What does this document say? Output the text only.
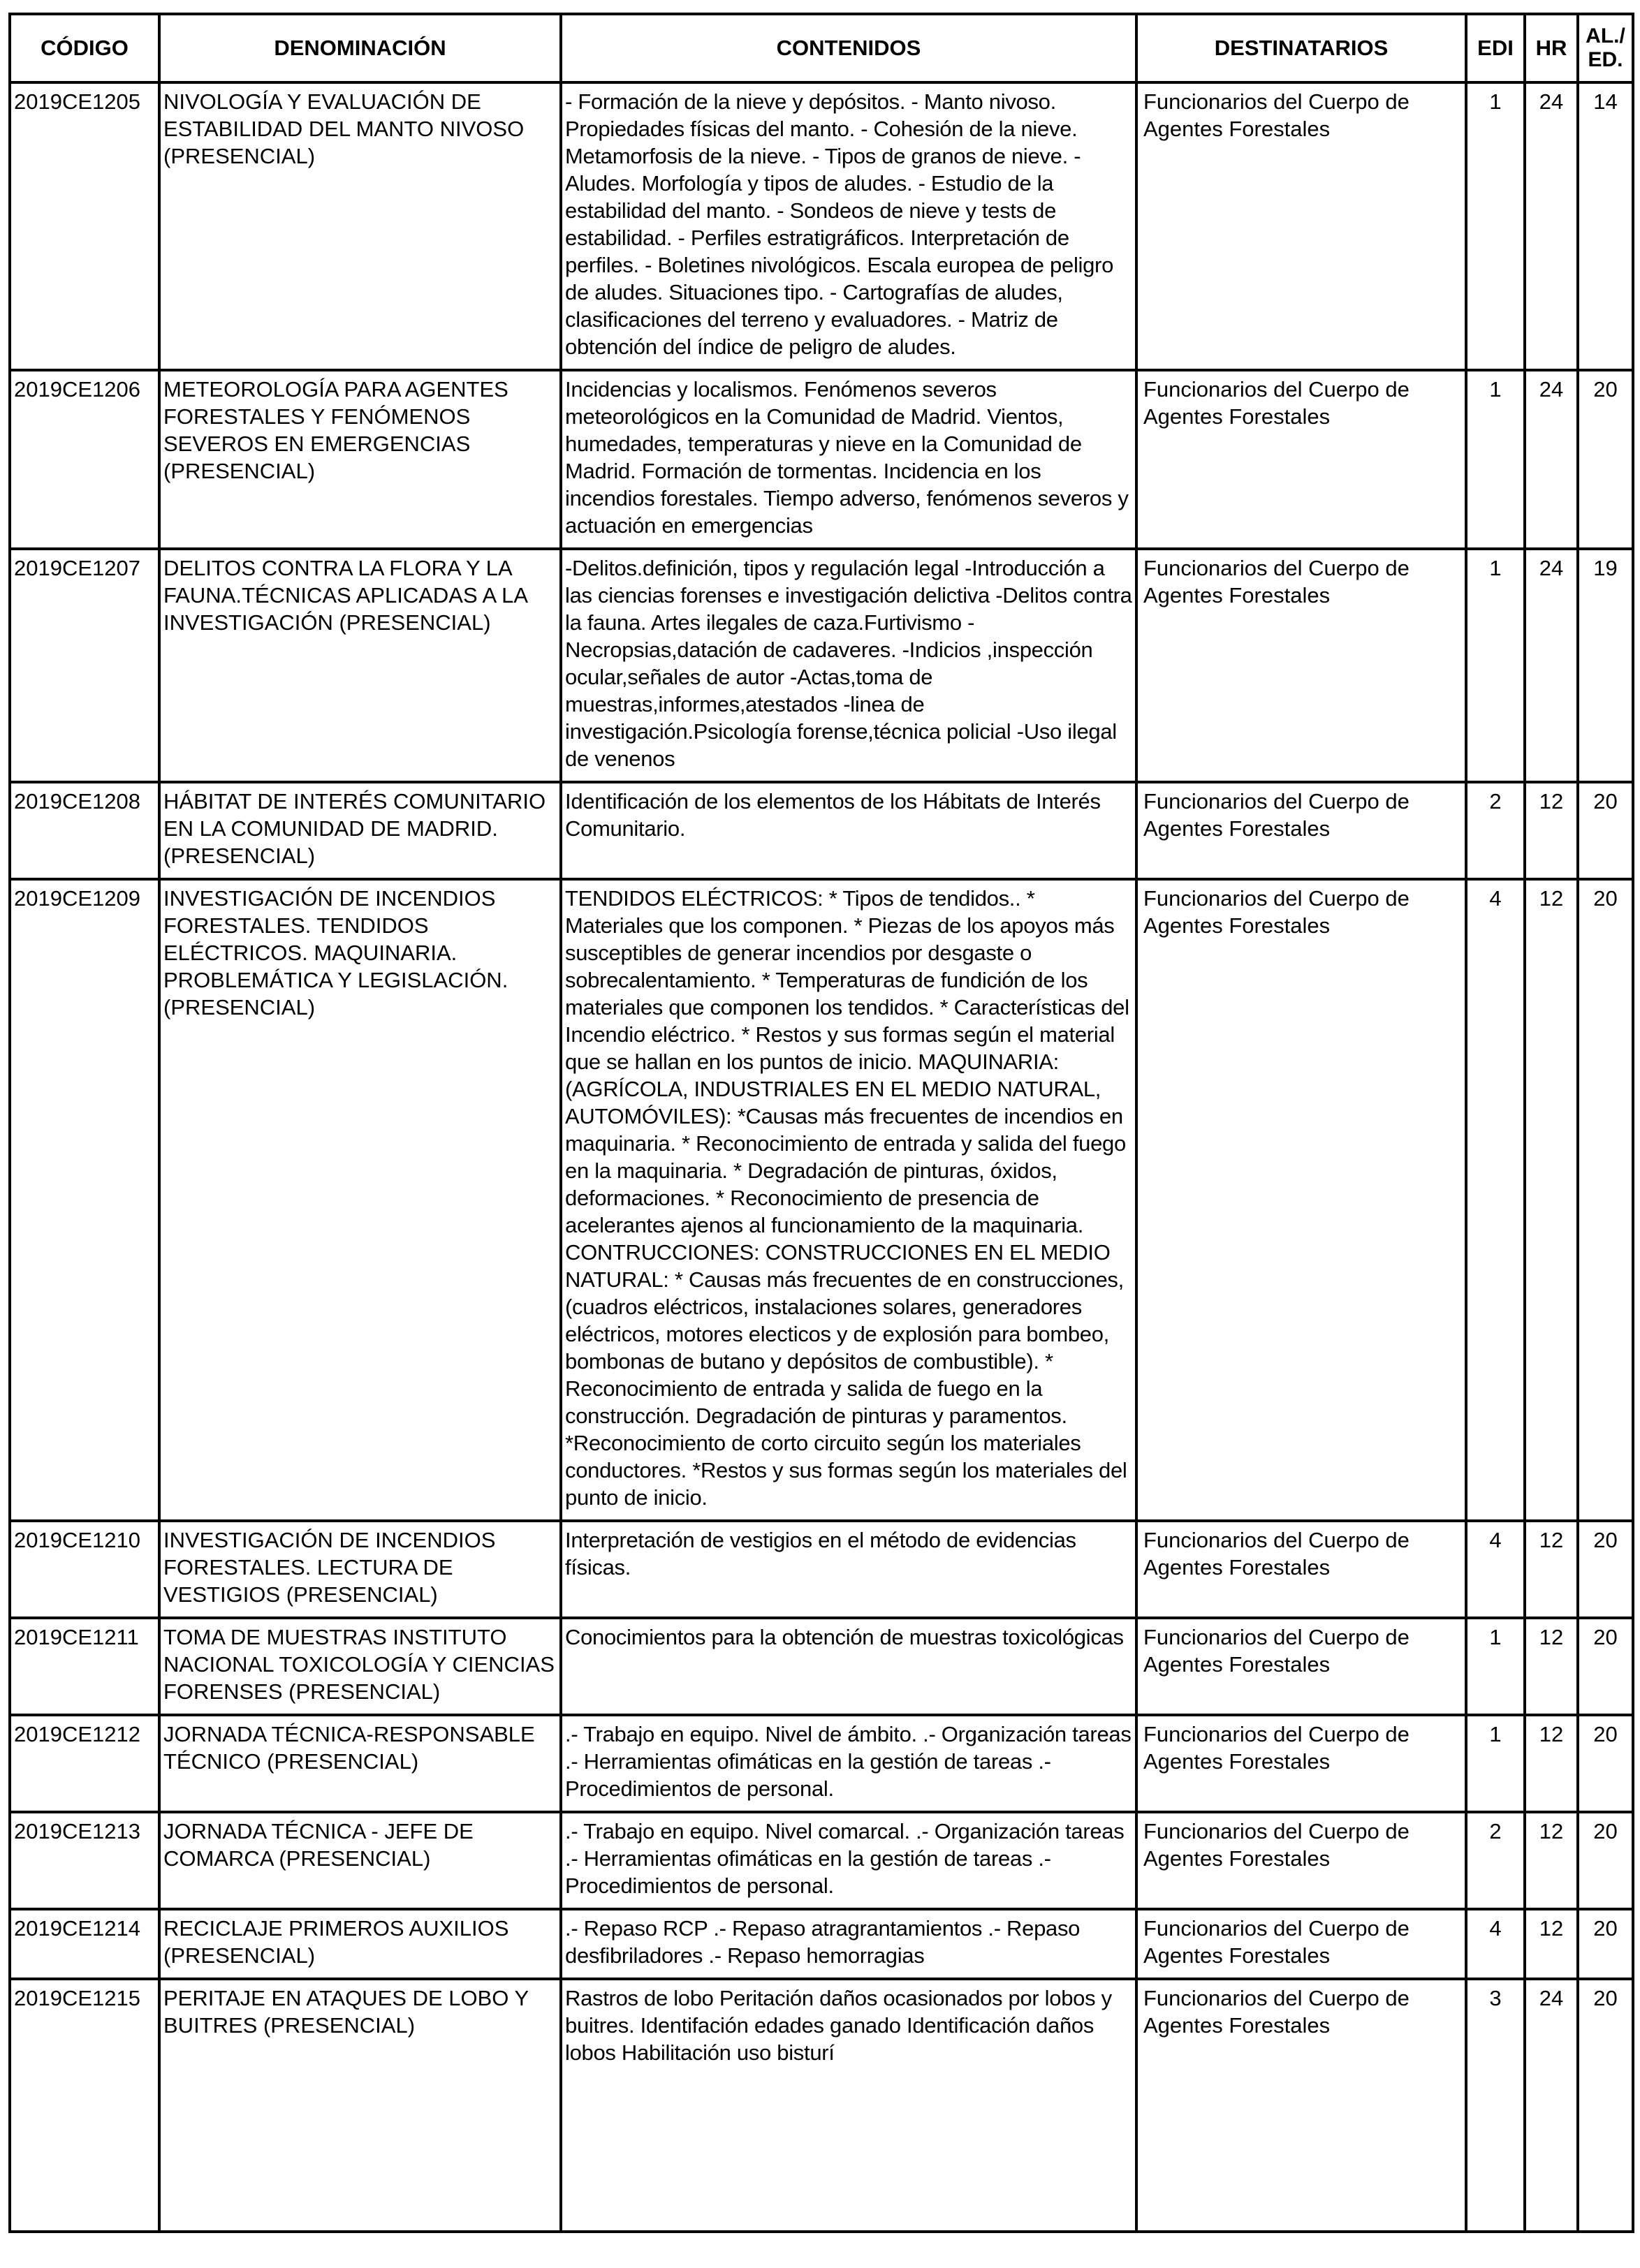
CÓDIGO	DENOMINACIÓN	CONTENIDOS	DESTINATARIOS	EDI	HR	AL./ ED.
2019CE1205	NIVOLOGÍA Y EVALUACIÓN DE ESTABILIDAD DEL MANTO NIVOSO (PRESENCIAL)	- Formación de la nieve y depósitos. - Manto nivoso. Propiedades físicas del manto. - Cohesión de la nieve. Metamorfosis de la nieve. - Tipos de granos de nieve. - Aludes. Morfología y tipos de aludes. - Estudio de la estabilidad del manto. - Sondeos de nieve y tests de estabilidad. - Perfiles estratigráficos. Interpretación de perfiles. - Boletines nivológicos. Escala europea de peligro de aludes. Situaciones tipo. - Cartografías de aludes, clasificaciones del terreno y evaluadores. - Matriz de obtención del índice de peligro de aludes.	Funcionarios del Cuerpo de Agentes Forestales	1	24	14
2019CE1206	METEOROLOGÍA PARA AGENTES FORESTALES Y FENÓMENOS SEVEROS EN EMERGENCIAS (PRESENCIAL)	Incidencias y localismos. Fenómenos severos meteorológicos en la Comunidad de Madrid. Vientos, humedades, temperaturas y nieve en la Comunidad de Madrid. Formación de tormentas. Incidencia en los incendios forestales. Tiempo adverso, fenómenos severos y actuación en emergencias	Funcionarios del Cuerpo de Agentes Forestales	1	24	20
2019CE1207	DELITOS CONTRA LA FLORA Y LA FAUNA.TÉCNICAS APLICADAS A LA INVESTIGACIÓN (PRESENCIAL)	-Delitos.definición, tipos y regulación legal -Introducción a las ciencias forenses e investigación delictiva -Delitos contra la fauna. Artes ilegales de caza.Furtivismo -Necropsias,datación de cadaveres. -Indicios ,inspección ocular,señales de autor -Actas,toma de muestras,informes,atestados -linea de investigación.Psicología forense,técnica policial -Uso ilegal de venenos	Funcionarios del Cuerpo de Agentes Forestales	1	24	19
2019CE1208	HÁBITAT DE INTERÉS COMUNITARIO EN LA COMUNIDAD DE MADRID. (PRESENCIAL)	Identificación de los elementos de los Hábitats de Interés Comunitario.	Funcionarios del Cuerpo de Agentes Forestales	2	12	20
2019CE1209	INVESTIGACIÓN DE INCENDIOS FORESTALES. TENDIDOS ELÉCTRICOS. MAQUINARIA. PROBLEMÁTICA Y LEGISLACIÓN. (PRESENCIAL)	TENDIDOS ELÉCTRICOS: * Tipos de tendidos.. * Materiales que los componen. * Piezas de los apoyos más susceptibles de generar incendios por desgaste o sobrecalentamiento. * Temperaturas de fundición de los materiales que componen los tendidos. * Características del Incendio eléctrico. * Restos y sus formas según el material que se hallan en los puntos de inicio. MAQUINARIA: (AGRÍCOLA, INDUSTRIALES EN EL MEDIO NATURAL, AUTOMÓVILES): *Causas más frecuentes de incendios en maquinaria. * Reconocimiento de entrada y salida del fuego en la maquinaria. * Degradación de pinturas, óxidos, deformaciones. * Reconocimiento de presencia de acelerantes ajenos al funcionamiento de la maquinaria. CONTRUCCIONES: CONSTRUCCIONES EN EL MEDIO NATURAL: * Causas más frecuentes de en construcciones, (cuadros eléctricos, instalaciones solares, generadores eléctricos, motores electicos y de explosión para bombeo, bombonas de butano y depósitos de combustible). * Reconocimiento de entrada y salida de fuego en la construcción. Degradación de pinturas y paramentos. *Reconocimiento de corto circuito según los materiales conductores. *Restos y sus formas según los materiales del punto de inicio.	Funcionarios del Cuerpo de Agentes Forestales	4	12	20
2019CE1210	INVESTIGACIÓN DE INCENDIOS FORESTALES. LECTURA DE VESTIGIOS (PRESENCIAL)	Interpretación de vestigios en el método de evidencias físicas.	Funcionarios del Cuerpo de Agentes Forestales	4	12	20
2019CE1211	TOMA DE MUESTRAS INSTITUTO NACIONAL TOXICOLOGÍA Y CIENCIAS FORENSES (PRESENCIAL)	Conocimientos para la obtención de muestras toxicológicas	Funcionarios del Cuerpo de Agentes Forestales	1	12	20
2019CE1212	JORNADA TÉCNICA-RESPONSABLE TÉCNICO (PRESENCIAL)	.- Trabajo en equipo. Nivel de ámbito. .- Organización tareas .- Herramientas ofimáticas en la gestión de tareas .- Procedimientos de personal.	Funcionarios del Cuerpo de Agentes Forestales	1	12	20
2019CE1213	JORNADA TÉCNICA - JEFE DE COMARCA (PRESENCIAL)	.- Trabajo en equipo. Nivel comarcal. .- Organización tareas .- Herramientas ofimáticas en la gestión de tareas .- Procedimientos de personal.	Funcionarios del Cuerpo de Agentes Forestales	2	12	20
2019CE1214	RECICLAJE PRIMEROS AUXILIOS (PRESENCIAL)	.- Repaso RCP .- Repaso atragrantamientos .- Repaso desfibriladores .- Repaso hemorragias	Funcionarios del Cuerpo de Agentes Forestales	4	12	20
2019CE1215	PERITAJE EN ATAQUES DE LOBO Y BUITRES (PRESENCIAL)	Rastros de lobo Peritación daños ocasionados por lobos y buitres. Identifación edades ganado Identificación daños lobos Habilitación uso bisturí	Funcionarios del Cuerpo de Agentes Forestales	3	24	20
